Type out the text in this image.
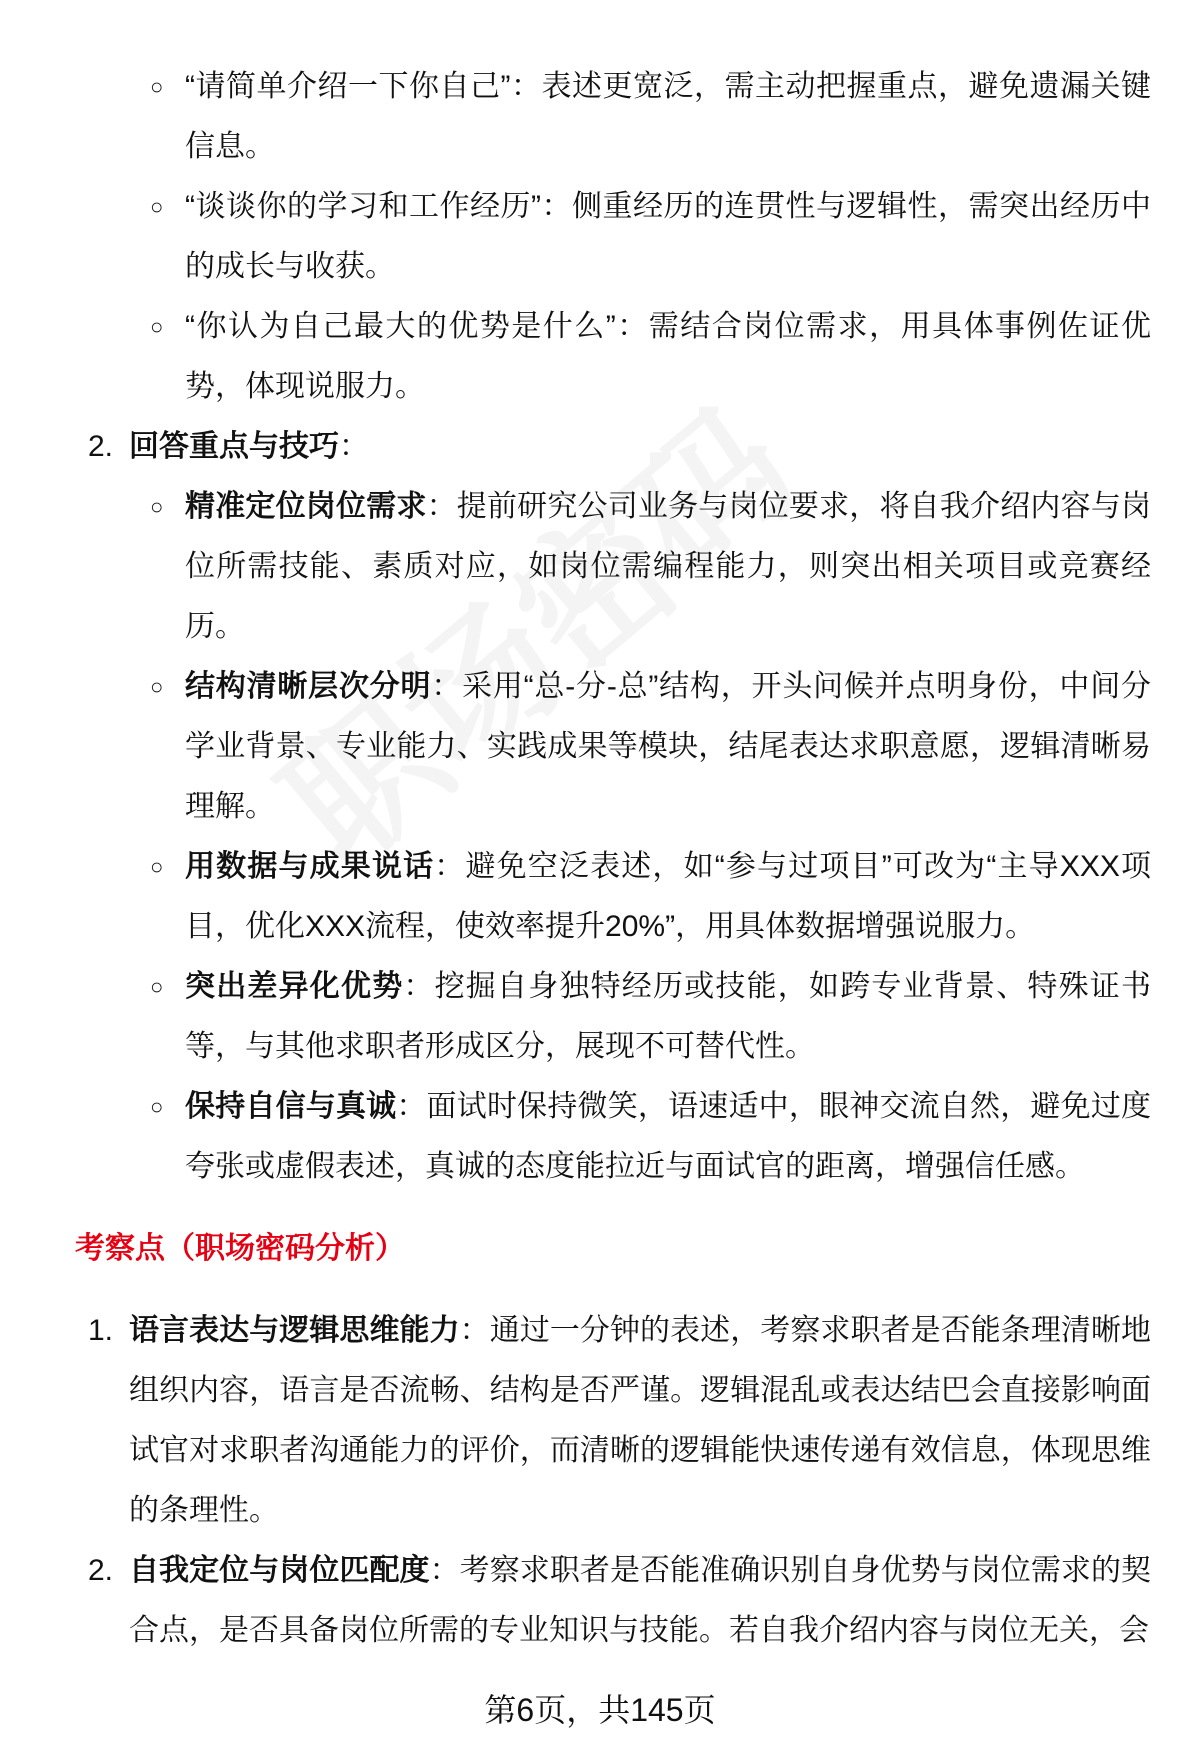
○ “请简单介绍一下你自己”：表述更宽泛，需主动把握重点，避免遗漏关键信息。
○ “谈谈你的学习和工作经历”：侧重经历的连贯性与逻辑性，需突出经历中的成长与收获。
○ “你认为自己最大的优势是什么”：需结合岗位需求，用具体事例佐证优势，体现说服力。
2. 回答重点与技巧：
○ 精准定位岗位需求：提前研究公司业务与岗位要求，将自我介绍内容与岗位所需技能、素质对应，如岗位需编程能力，则突出相关项目或竞赛经历。
○ 结构清晰层次分明：采用“总-分-总”结构，开头问候并点明身份，中间分学业背景、专业能力、实践成果等模块，结尾表达求职意愿，逻辑清晰易理解。
○ 用数据与成果说话：避免空泛表述，如“参与过项目”可改为“主导XXX项目，优化XXX流程，使效率提升20%”，用具体数据增强说服力。
○ 突出差异化优势：挖掘自身独特经历或技能，如跨专业背景、特殊证书等，与其他求职者形成区分，展现不可替代性。
○ 保持自信与真诚：面试时保持微笑，语速适中，眼神交流自然，避免过度夸张或虚假表述，真诚的态度能拉近与面试官的距离，增强信任感。
考察点（职场密码分析）
1. 语言表达与逻辑思维能力：通过一分钟的表述，考察求职者是否能条理清晰地组织内容，语言是否流畅、结构是否严谨。逻辑混乱或表达结巴会直接影响面试官对求职者沟通能力的评价，而清晰的逻辑能快速传递有效信息，体现思维的条理性。
2. 自我定位与岗位匹配度：考察求职者是否能准确识别自身优势与岗位需求的契合点，是否具备岗位所需的专业知识与技能。若自我介绍内容与岗位无关，会
第6页，共145页
